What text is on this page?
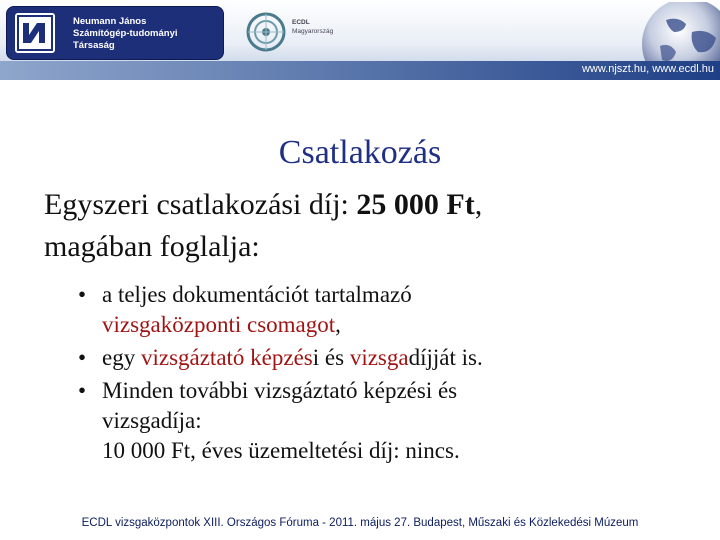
Neumann János
Számítógép-tudományi
Társaság
ECDL
Magyarország
www.njszt.hu, www.ecdl.hu
Csatlakozás
Egyszeri csatlakozási díj: 25 000 Ft,
magában foglalja:
• a teljes dokumentációt tartalmazó
vizsgaközponti csomagot,
• egy vizsgáztató képzési és vizsgadíjját is.
• Minden további vizsgáztató képzési és
vizsgadíja:
10 000 Ft, éves üzemeltetési díj: nincs.
ECDL vizsgaközpontok XIII. Országos Fóruma - 2011. május 27. Budapest, Műszaki és Közlekedési Múzeum
